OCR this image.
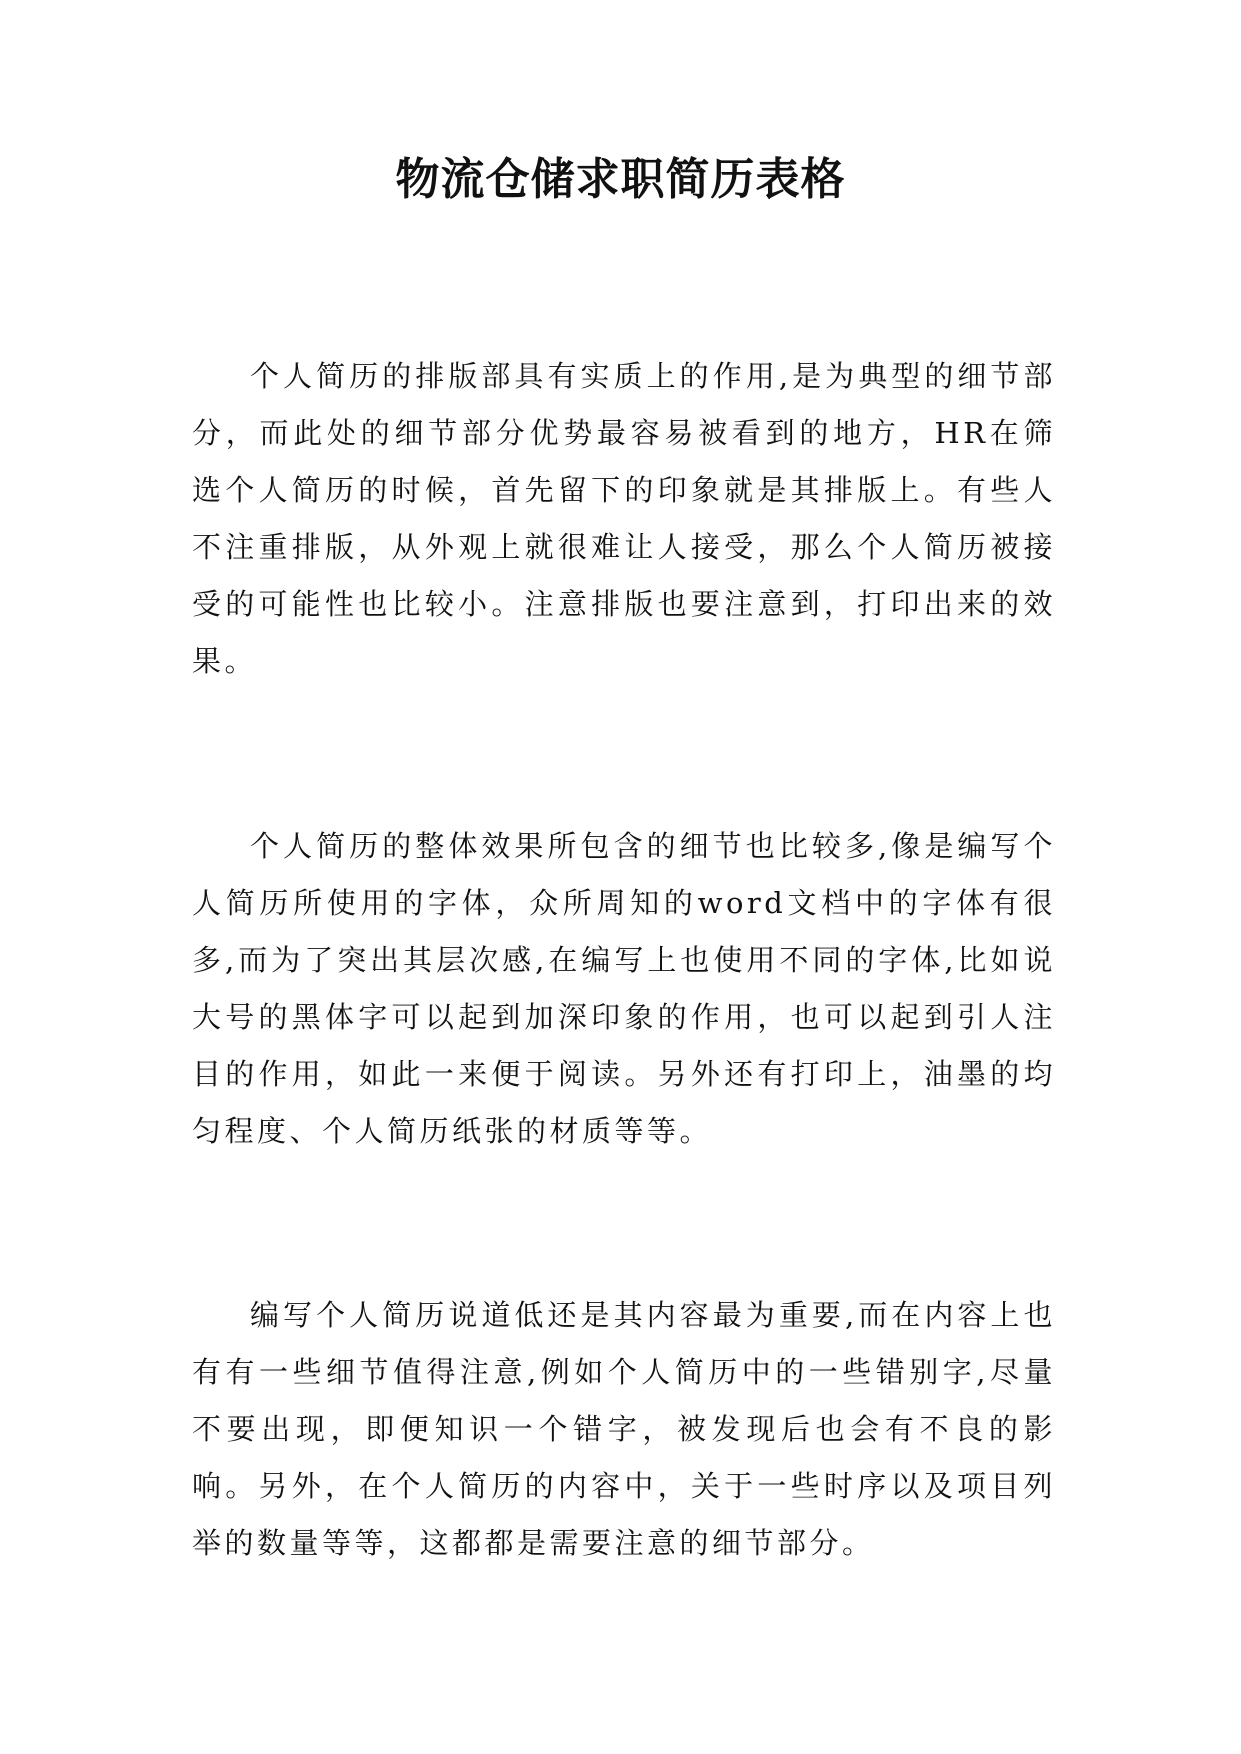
物流仓储求职简历表格

个人简历的排版部具有实质上的作用,是为典型的细节部分，而此处的细节部分优势最容易被看到的地方，HR在筛选个人简历的时候，首先留下的印象就是其排版上。有些人不注重排版，从外观上就很难让人接受，那么个人简历被接受的可能性也比较小。注意排版也要注意到，打印出来的效果。

个人简历的整体效果所包含的细节也比较多,像是编写个人简历所使用的字体，众所周知的word文档中的字体有很多,而为了突出其层次感,在编写上也使用不同的字体,比如说大号的黑体字可以起到加深印象的作用，也可以起到引人注目的作用，如此一来便于阅读。另外还有打印上，油墨的均匀程度、个人简历纸张的材质等等。

编写个人简历说道低还是其内容最为重要,而在内容上也有有一些细节值得注意,例如个人简历中的一些错别字,尽量不要出现，即便知识一个错字，被发现后也会有不良的影响。另外，在个人简历的内容中，关于一些时序以及项目列举的数量等等，这都都是需要注意的细节部分。
